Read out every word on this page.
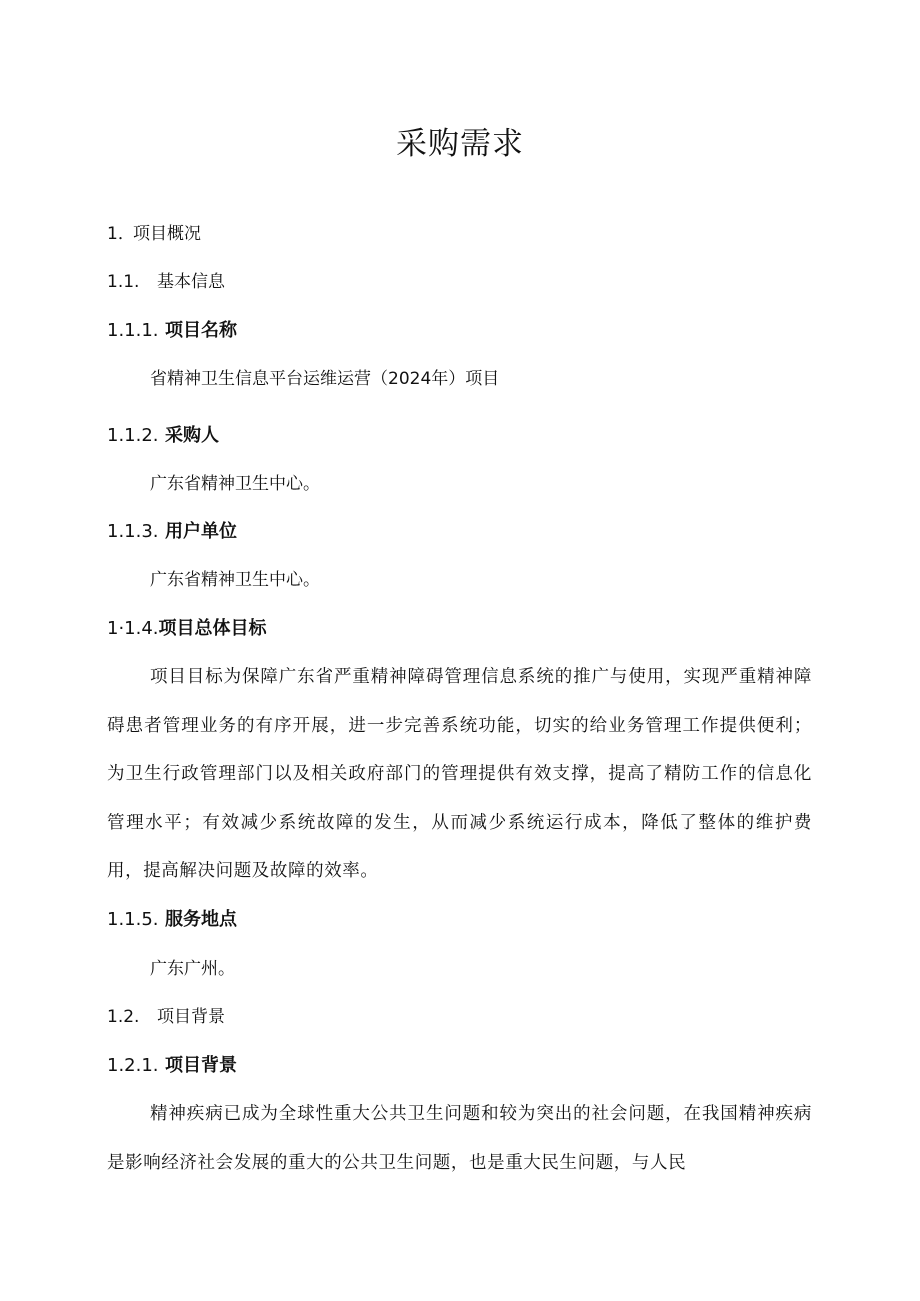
采购需求
1．项目概况
1.1. 基本信息
1.1.1. 项目名称
省精神卫生信息平台运维运营（2024年）项目
1.1.2. 采购人
广东省精神卫生中心。
1.1.3. 用户单位
广东省精神卫生中心。
1·1.4.项目总体目标
项目目标为保障广东省严重精神障碍管理信息系统的推广与使用，实现严重精神障碍患者管理业务的有序开展，进一步完善系统功能，切实的给业务管理工作提供便利；为卫生行政管理部门以及相关政府部门的管理提供有效支撑，提高了精防工作的信息化管理水平；有效减少系统故障的发生，从而减少系统运行成本，降低了整体的维护费用，提高解决问题及故障的效率。
1.1.5. 服务地点
广东广州。
1.2. 项目背景
1.2.1. 项目背景
精神疾病已成为全球性重大公共卫生问题和较为突出的社会问题，在我国精神疾病是影响经济社会发展的重大的公共卫生问题，也是重大民生问题，与人民
